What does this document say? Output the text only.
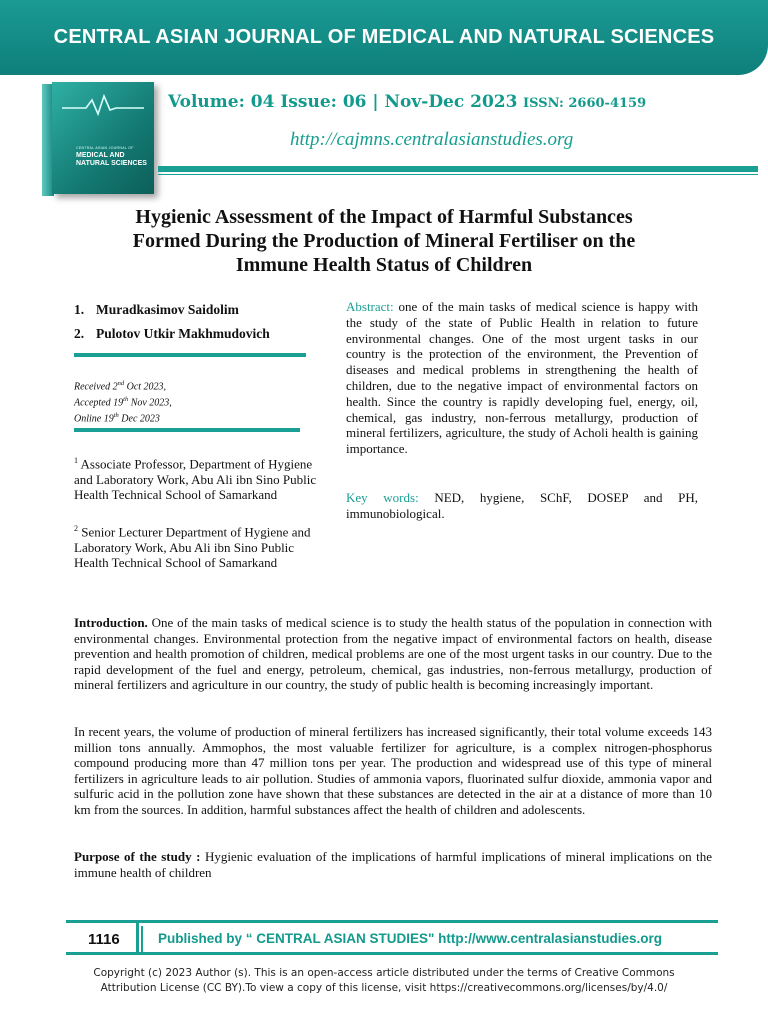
CENTRAL ASIAN JOURNAL OF MEDICAL AND NATURAL SCIENCES
CENTRAL ASIAN JOURNAL OF
MEDICAL AND
NATURAL SCIENCES
Volume: 04 Issue: 06 | Nov-Dec 2023 ISSN: 2660-4159
http://cajmns.centralasianstudies.org
Hygienic Assessment of the Impact of Harmful Substances
Formed During the Production of Mineral Fertiliser on the
Immune Health Status of Children
1. Muradkasimov Saidolim
2. Pulotov Utkir Makhmudovich
Received 2nd Oct 2023,
Accepted 19th Nov 2023,
Online 19th Dec 2023
$^1$ Associate Professor, Department of Hygiene and Laboratory Work, Abu Ali ibn Sino Public Health Technical School of Samarkand
$^2$ Senior Lecturer Department of Hygiene and Laboratory Work, Abu Ali ibn Sino Public Health Technical School of Samarkand
Abstract: one of the main tasks of medical science is happy with the study of the state of Public Health in relation to future environmental changes. One of the most urgent tasks in our country is the protection of the environment, the Prevention of diseases and medical problems in strengthening the health of children, due to the negative impact of environmental factors on health. Since the country is rapidly developing fuel, energy, oil, chemical, gas industry, non-ferrous metallurgy, production of mineral fertilizers, agriculture, the study of Acholi health is gaining importance.
Key words: NED, hygiene, SChF, DOSEP and PH, immunobiological.
Introduction. One of the main tasks of medical science is to study the health status of the population in connection with environmental changes. Environmental protection from the negative impact of environmental factors on health, disease prevention and health promotion of children, medical problems are one of the most urgent tasks in our country. Due to the rapid development of the fuel and energy, petroleum, chemical, gas industries, non-ferrous metallurgy, production of mineral fertilizers and agriculture in our country, the study of public health is becoming increasingly important.
In recent years, the volume of production of mineral fertilizers has increased significantly, their total volume exceeds 143 million tons annually. Ammophos, the most valuable fertilizer for agriculture, is a complex nitrogen-phosphorus compound producing more than 47 million tons per year. The production and widespread use of this type of mineral fertilizers in agriculture leads to air pollution. Studies of ammonia vapors, fluorinated sulfur dioxide, ammonia vapor and sulfuric acid in the pollution zone have shown that these substances are detected in the air at a distance of more than 10 km from the sources. In addition, harmful substances affect the health of children and adolescents.
Purpose of the study : Hygienic evaluation of the implications of harmful implications of mineral implications on the immune health of children
1116	Published by “ CENTRAL ASIAN STUDIES" http://www.centralasianstudies.org
Copyright (c) 2023 Author (s). This is an open-access article distributed under the terms of Creative Commons
Attribution License (CC BY).To view a copy of this license, visit https://creativecommons.org/licenses/by/4.0/
